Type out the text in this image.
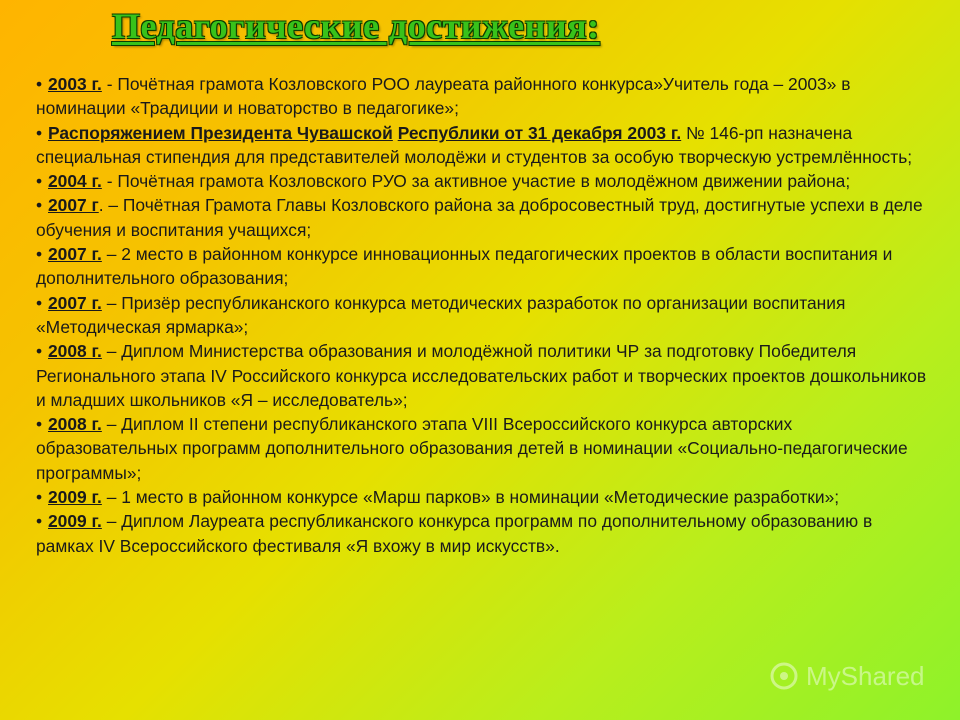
Педагогические достижения:

• 2003 г. - Почётная грамота Козловского РОО лауреата районного конкурса»Учитель года – 2003» в номинации «Традиции и новаторство в педагогике»;

• Распоряжением Президента Чувашской Республики от 31 декабря 2003 г. № 146-рп назначена специальная стипендия для представителей молодёжи и студентов за особую творческую устремлённость;

• 2004 г. - Почётная грамота Козловского РУО за активное участие в молодёжном движении района;

• 2007 г. – Почётная Грамота Главы Козловского района за добросовестный труд, достигнутые успехи в деле обучения и воспитания учащихся;

• 2007 г. – 2 место в районном конкурсе инновационных педагогических проектов в области воспитания и дополнительного образования;

• 2007 г. – Призёр республиканского конкурса методических разработок по организации воспитания «Методическая ярмарка»;

• 2008 г. – Диплом Министерства образования и молодёжной политики ЧР за подготовку Победителя Регионального этапа IV Российского конкурса исследовательских работ и творческих проектов дошкольников и младших школьников «Я – исследователь»;

• 2008 г. – Диплом II степени республиканского этапа VIII Всероссийского конкурса авторских образовательных программ дополнительного образования детей в номинации «Социально-педагогические программы»;

• 2009 г. – 1 место в районном конкурсе «Марш парков» в номинации «Методические разработки»;

• 2009 г. – Диплом Лауреата республиканского конкурса программ по дополнительному образованию в рамках IV Всероссийского фестиваля «Я вхожу в мир искусств».

MyShared
